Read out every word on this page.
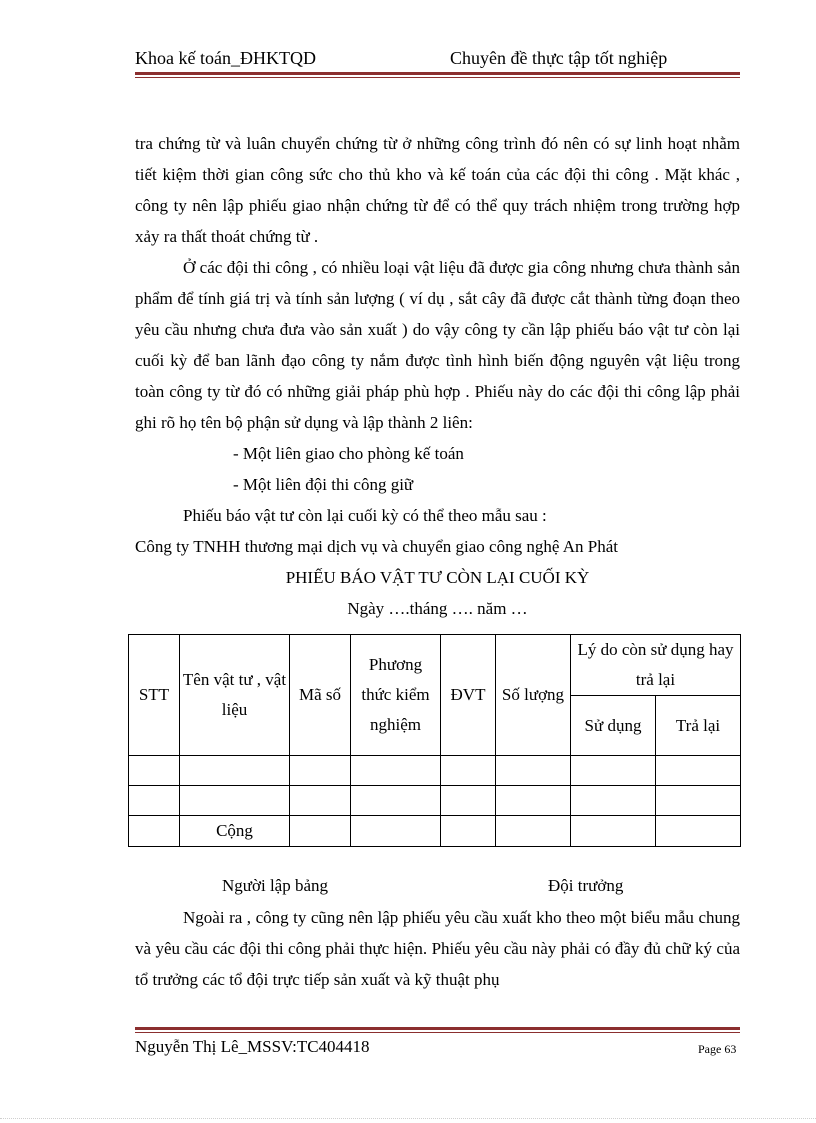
Khoa kế toán_ĐHKTQD	Chuyên đề thực tập tốt nghiệp

tra chứng từ và luân chuyển chứng từ ở những công trình đó nên có sự linh hoạt nhằm tiết kiệm thời gian công sức cho thủ kho và kế toán của các đội thi công . Mặt khác , công ty nên lập phiếu giao nhận chứng từ để có thể quy trách nhiệm trong trường hợp xảy ra thất thoát chứng từ .

Ở các đội thi công , có nhiều loại vật liệu đã được gia công nhưng chưa thành sản phẩm để tính giá trị và tính sản lượng ( ví dụ , sắt cây đã được cắt thành từng đoạn theo yêu cầu nhưng chưa đưa vào sản xuất ) do vậy công ty cần lập phiếu báo vật tư còn lại cuối kỳ để ban lãnh đạo công ty nắm được tình hình biến động nguyên vật liệu trong toàn công ty từ đó có những giải pháp phù hợp . Phiếu này do các đội thi công lập phải ghi rõ họ tên bộ phận sử dụng và lập thành 2 liên:

- Một liên giao cho phòng kế toán

- Một liên đội thi công giữ

Phiếu báo vật tư còn lại cuối kỳ có thể theo mẫu sau :

Công ty TNHH thương mại dịch vụ và chuyển giao công nghệ An Phát

PHIẾU BÁO VẬT TƯ CÒN LẠI CUỐI KỲ

Ngày ….tháng …. năm …

STT	Tên vật tư , vật liệu	Mã số	Phương thức kiểm nghiệm	ĐVT	Số lượng	Lý do còn sử dụng hay trả lại	
						Sử dụng	Trả lại

	Cộng						
Người lập bảng	Đội trưởng

Ngoài ra , công ty cũng nên lập phiếu yêu cầu xuất kho theo một biểu mẫu chung và yêu cầu các đội thi công phải thực hiện. Phiếu yêu cầu này phải có đầy đủ chữ ký của tổ trưởng các tổ đội trực tiếp sản xuất và kỹ thuật phụ

Nguyễn Thị Lê_MSSV:TC404418	Page 63
